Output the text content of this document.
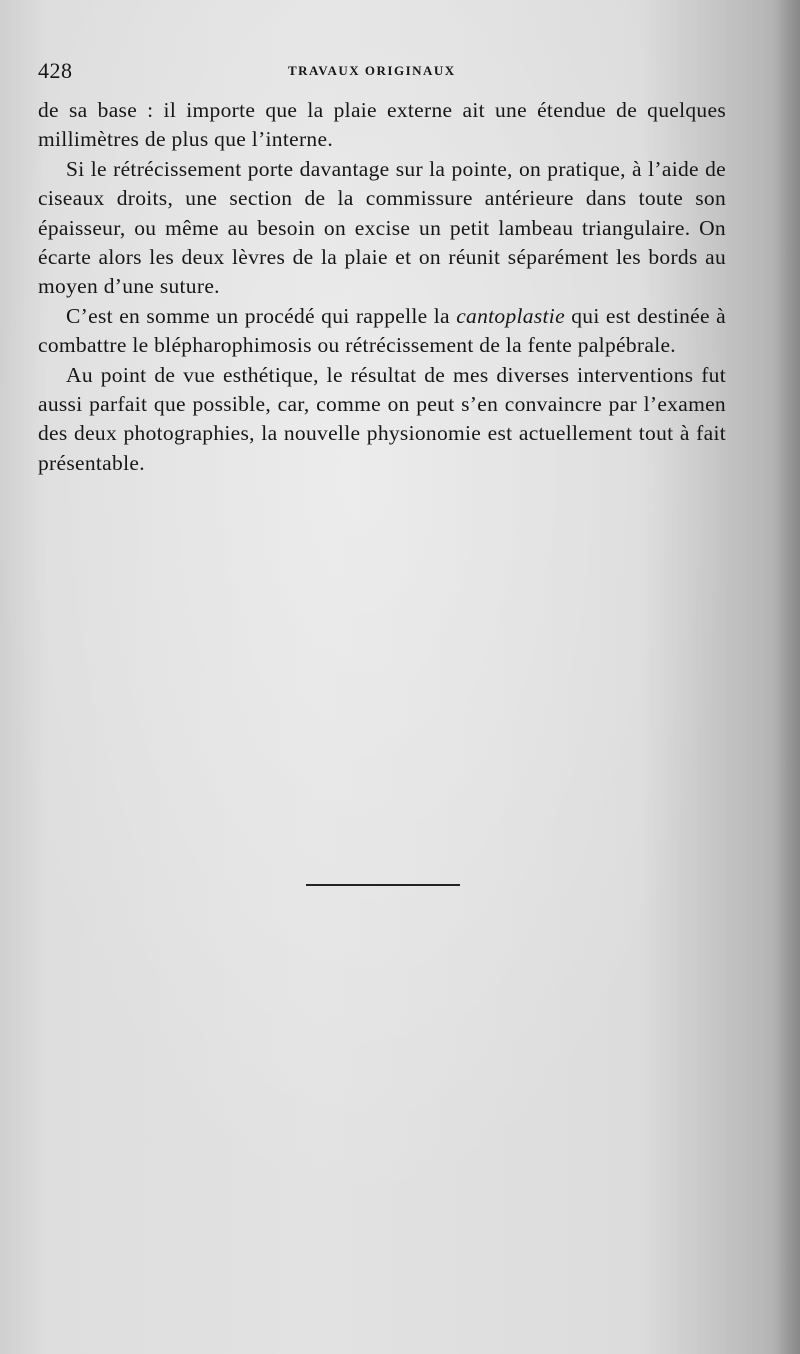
428	TRAVAUX ORIGINAUX

de sa base : il importe que la plaie externe ait une étendue de quelques millimètres de plus que l’interne.

Si le rétrécissement porte davantage sur la pointe, on pratique, à l’aide de ciseaux droits, une section de la commissure antérieure dans toute son épaisseur, ou même au besoin on excise un petit lambeau triangulaire. On écarte alors les deux lèvres de la plaie et on réunit séparément les bords au moyen d’une suture.

C’est en somme un procédé qui rappelle la cantoplastie qui est destinée à combattre le blépharophimosis ou rétrécissement de la fente palpébrale.

Au point de vue esthétique, le résultat de mes diverses interventions fut aussi parfait que possible, car, comme on peut s’en convaincre par l’examen des deux photographies, la nouvelle physionomie est actuellement tout à fait présentable.
